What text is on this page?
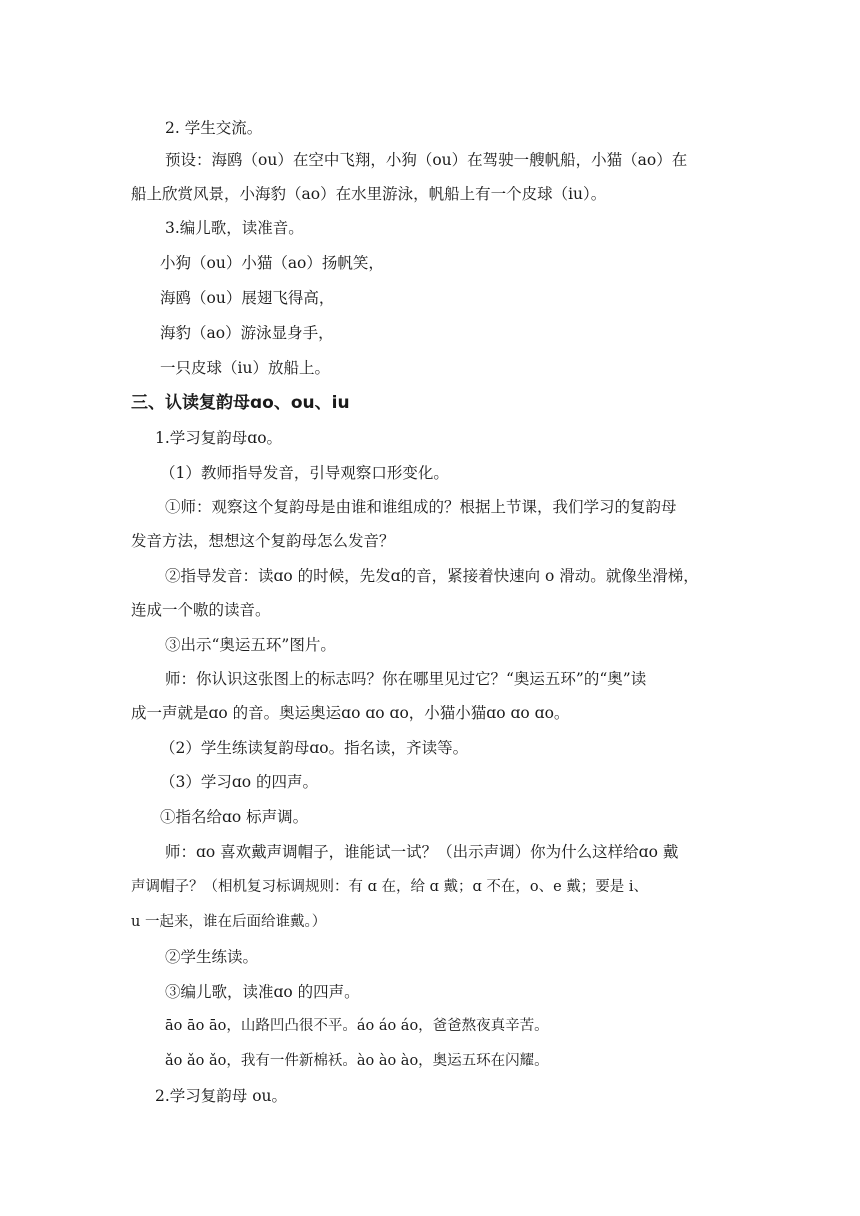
2. 学生交流。
预设：海鸥（ou）在空中飞翔，小狗（ou）在驾驶一艘帆船，小猫（ao）在
船上欣赏风景，小海豹（ao）在水里游泳，帆船上有一个皮球（iu）。
3.编儿歌，读准音。
小狗（ou）小猫（ao）扬帆笑，
海鸥（ou）展翅飞得高，
海豹（ao）游泳显身手，
一只皮球（iu）放船上。
三、认读复韵母ɑo、ou、iu
1.学习复韵母ɑo。
（1）教师指导发音，引导观察口形变化。
①师：观察这个复韵母是由谁和谁组成的？根据上节课，我们学习的复韵母
发音方法，想想这个复韵母怎么发音？
②指导发音：读ɑo 的时候，先发ɑ的音，紧接着快速向 o 滑动。就像坐滑梯，
连成一个嗷的读音。
③出示“奥运五环”图片。
师：你认识这张图上的标志吗？你在哪里见过它？“奥运五环”的“奥”读
成一声就是ɑo 的音。奥运奥运ɑo ɑo ɑo，小猫小猫ɑo ɑo ɑo。
（2）学生练读复韵母ɑo。指名读，齐读等。
（3）学习ɑo 的四声。
①指名给ɑo 标声调。
师：ɑo 喜欢戴声调帽子，谁能试一试？（出示声调）你为什么这样给ɑo 戴
声调帽子？（相机复习标调规则：有 ɑ 在，给 ɑ 戴；ɑ 不在，o、e 戴；要是 i、
u 一起来，谁在后面给谁戴。）
②学生练读。
③编儿歌，读准ɑo 的四声。
āo āo āo，山路凹凸很不平。áo áo áo，爸爸熬夜真辛苦。
ǎo ǎo ǎo，我有一件新棉袄。ào ào ào，奥运五环在闪耀。
2.学习复韵母 ou。
